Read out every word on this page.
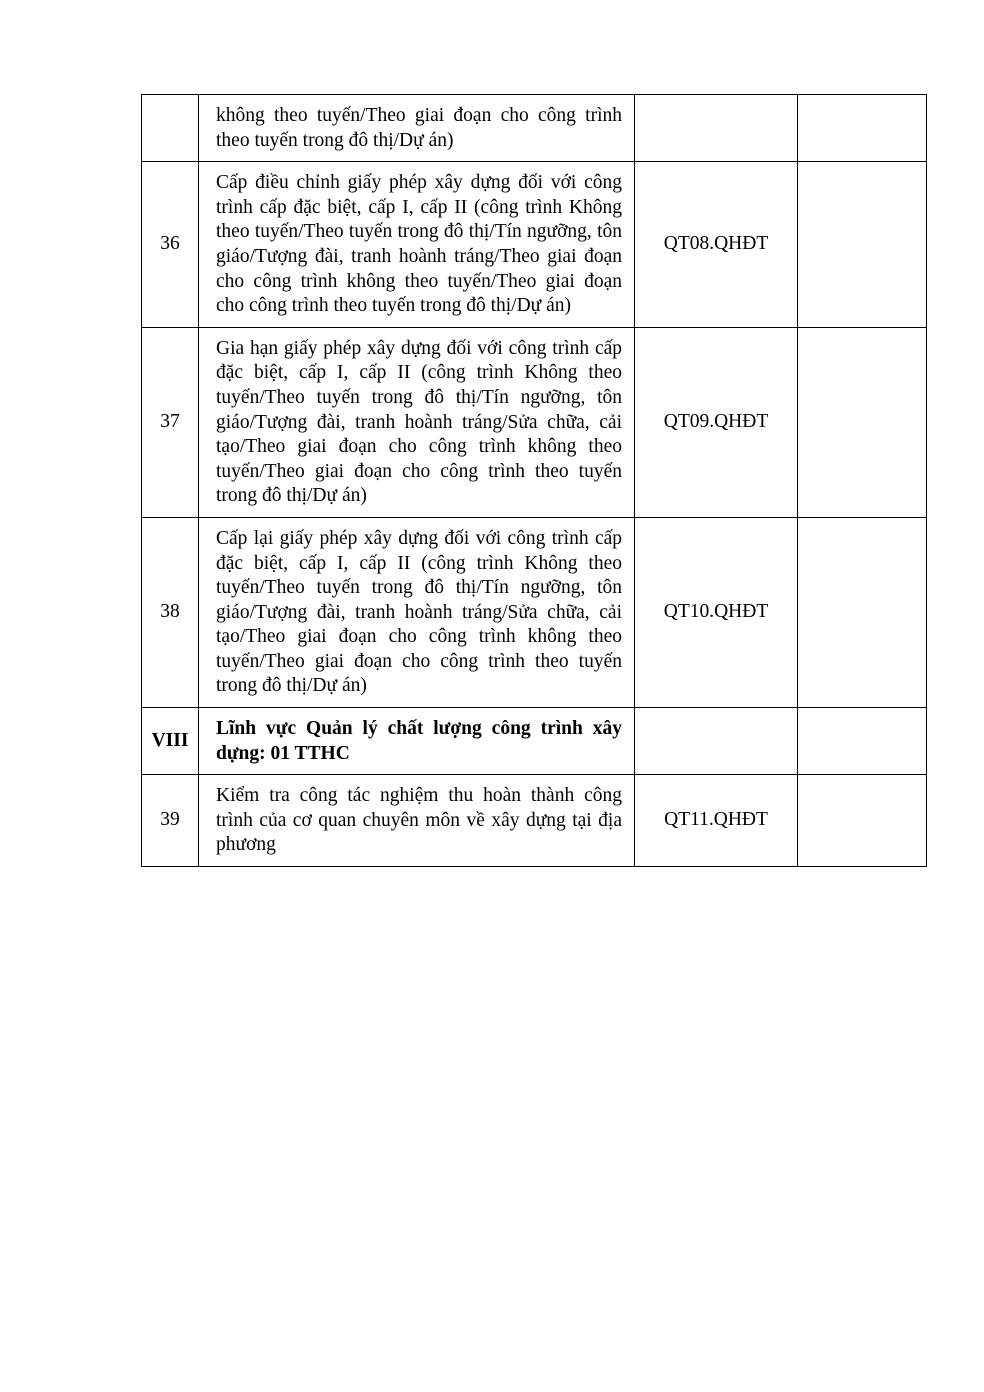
	không theo tuyến/Theo giai đoạn cho công trình theo tuyến trong đô thị/Dự án)		
36	Cấp điều chỉnh giấy phép xây dựng đối với công trình cấp đặc biệt, cấp I, cấp II (công trình Không theo tuyến/Theo tuyến trong đô thị/Tín ngưỡng, tôn giáo/Tượng đài, tranh hoành tráng/Theo giai đoạn cho công trình không theo tuyến/Theo giai đoạn cho công trình theo tuyến trong đô thị/Dự án)	QT08.QHĐT	
37	Gia hạn giấy phép xây dựng đối với công trình cấp đặc biệt, cấp I, cấp II (công trình Không theo tuyến/Theo tuyến trong đô thị/Tín ngưỡng, tôn giáo/Tượng đài, tranh hoành tráng/Sửa chữa, cải tạo/Theo giai đoạn cho công trình không theo tuyến/Theo giai đoạn cho công trình theo tuyến trong đô thị/Dự án)	QT09.QHĐT	
38	Cấp lại giấy phép xây dựng đối với công trình cấp đặc biệt, cấp I, cấp II (công trình Không theo tuyến/Theo tuyến trong đô thị/Tín ngưỡng, tôn giáo/Tượng đài, tranh hoành tráng/Sửa chữa, cải tạo/Theo giai đoạn cho công trình không theo tuyến/Theo giai đoạn cho công trình theo tuyến trong đô thị/Dự án)	QT10.QHĐT	
VIII	Lĩnh vực Quản lý chất lượng công trình xây dựng: 01 TTHC		
39	Kiểm tra công tác nghiệm thu hoàn thành công trình của cơ quan chuyên môn về xây dựng tại địa phương	QT11.QHĐT	
